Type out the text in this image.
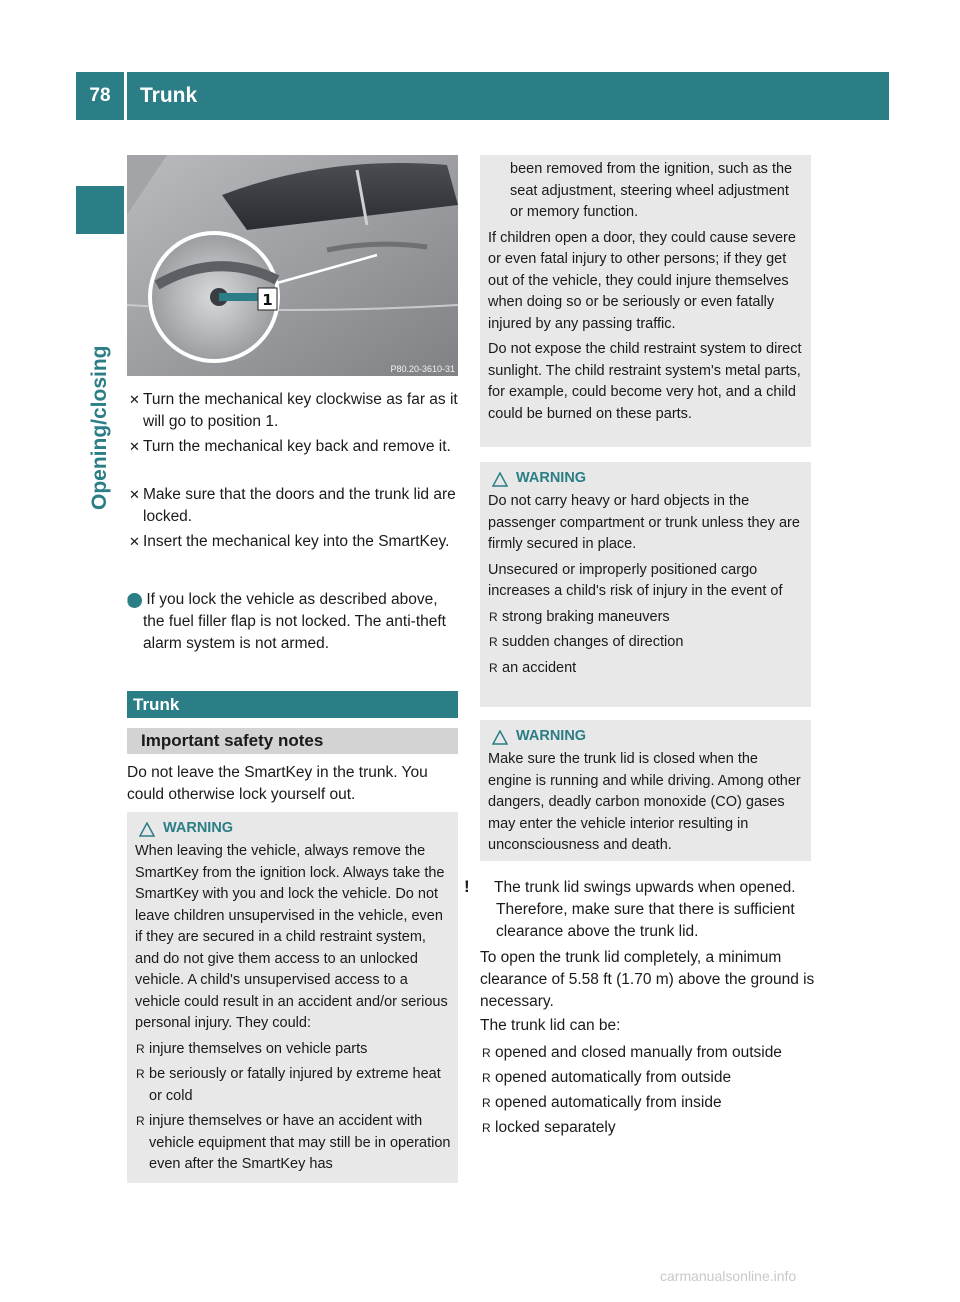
78	Trunk
Opening/closing
1
P80.20-3610-31
✕ Turn the mechanical key clockwise as far as it will go to position 1.
✕ Turn the mechanical key back and remove it.
✕ Make sure that the doors and the trunk lid are locked.
✕ Insert the mechanical key into the SmartKey.
i If you lock the vehicle as described above, the fuel filler flap is not locked. The anti-theft alarm system is not armed.
Trunk
Important safety notes
Do not leave the SmartKey in the trunk. You could otherwise lock yourself out.
WARNING

When leaving the vehicle, always remove the SmartKey from the ignition lock. Always take the SmartKey with you and lock the vehicle. Do not leave children unsupervised in the vehicle, even if they are secured in a child restraint system, and do not give them access to an unlocked vehicle. A child's unsupervised access to a vehicle could result in an accident and/or serious personal injury. They could:

R injure themselves on vehicle parts
R be seriously or fatally injured by extreme heat or cold
R injure themselves or have an accident with vehicle equipment that may still be in operation even after the SmartKey has

been removed from the ignition, such as the seat adjustment, steering wheel adjustment or memory function.

If children open a door, they could cause severe or even fatal injury to other persons; if they get out of the vehicle, they could injure themselves when doing so or be seriously or even fatally injured by any passing traffic.

Do not expose the child restraint system to direct sunlight. The child restraint system's metal parts, for example, could become very hot, and a child could be burned on these parts.

WARNING

Do not carry heavy or hard objects in the passenger compartment or trunk unless they are firmly secured in place.

Unsecured or improperly positioned cargo increases a child's risk of injury in the event of

R strong braking maneuvers
R sudden changes of direction
R an accident
WARNING

Make sure the trunk lid is closed when the engine is running and while driving. Among other dangers, deadly carbon monoxide (CO) gases may enter the vehicle interior resulting in unconsciousness and death.

! The trunk lid swings upwards when opened. Therefore, make sure that there is sufficient clearance above the trunk lid.
To open the trunk lid completely, a minimum clearance of 5.58 ft (1.70 m) above the ground is necessary.
The trunk lid can be:
R opened and closed manually from outside
R opened automatically from outside
R opened automatically from inside
R locked separately
carmanualsonline.info
